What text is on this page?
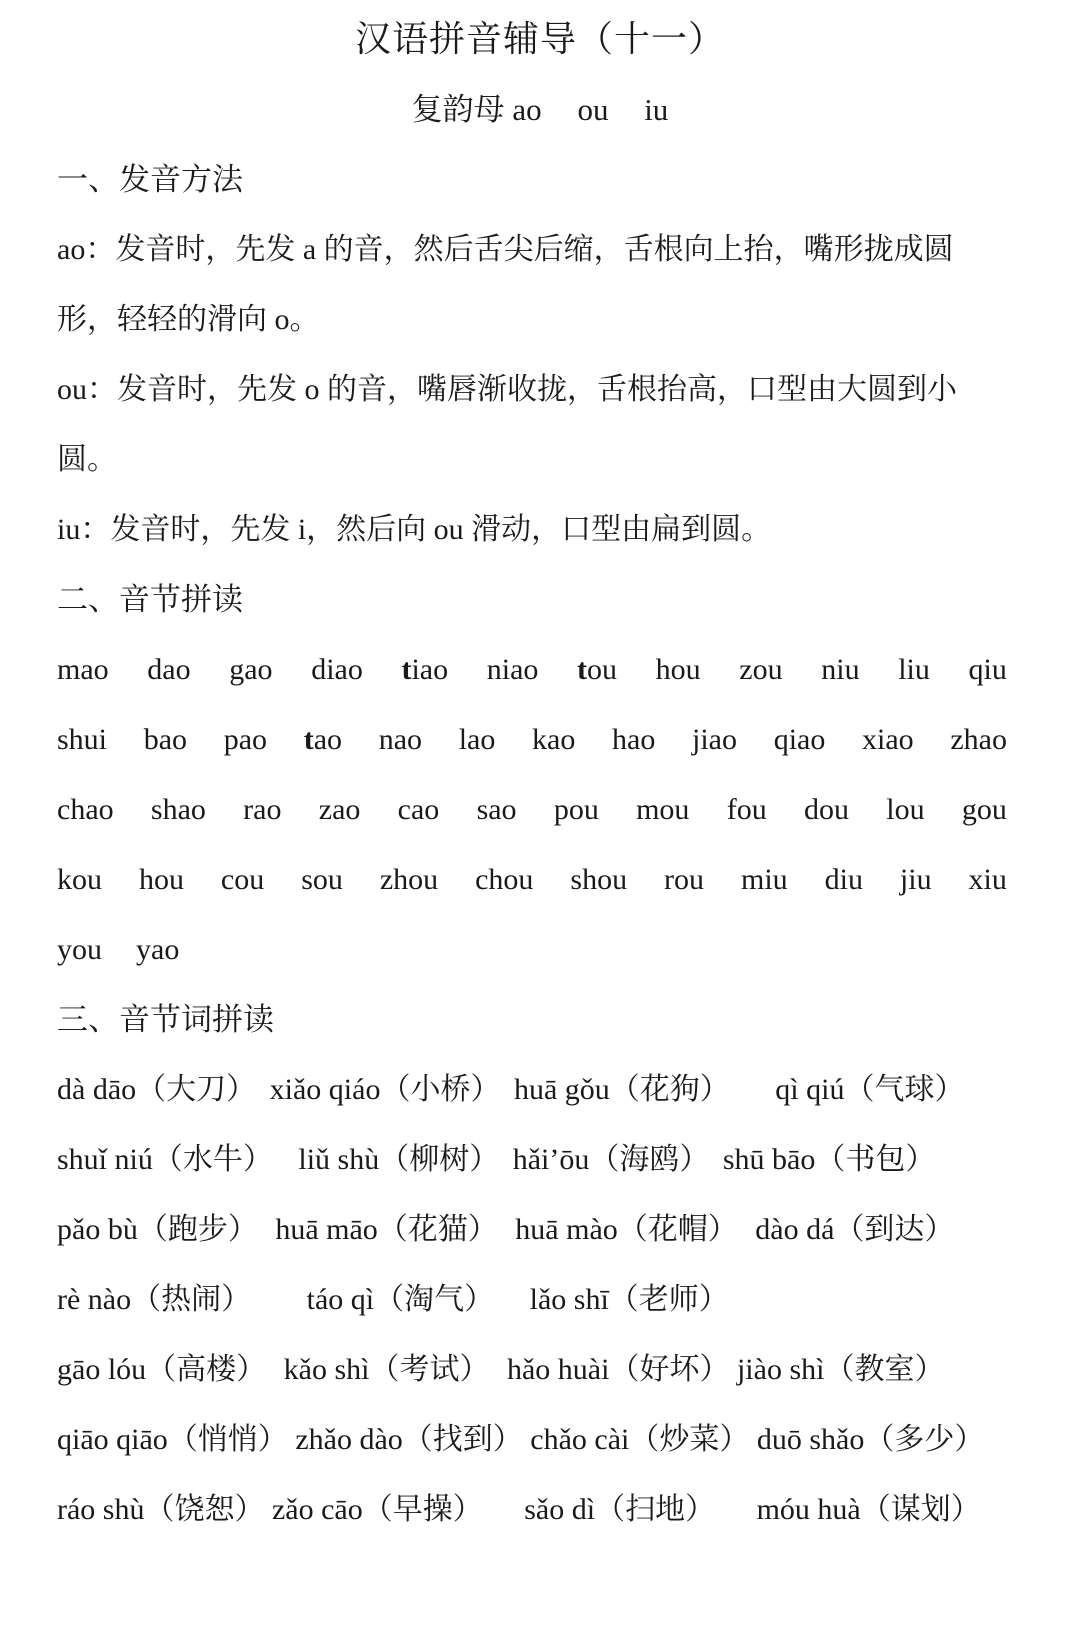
汉语拼音辅导（十一）
复韵母 ao ou iu
一、发音方法
ao：发音时，先发 a 的音，然后舌尖后缩，舌根向上抬，嘴形拢成圆
形，轻轻的滑向 o。
ou：发音时，先发 o 的音，嘴唇渐收拢，舌根抬高，口型由大圆到小
圆。
iu：发音时，先发 i，然后向 ou 滑动，口型由扁到圆。
二、音节拼读
mao dao gao diao tiao niao tou hou zou niu liu qiu
shui bao pao tao nao lao kao hao jiao qiao xiao zhao
chao shao rao zao cao sao pou mou fou dou lou gou
kou hou cou sou zhou chou shou rou miu diu jiu xiu
you yao
三、音节词拼读
dà dāo（大刀） xiǎo qiáo（小桥） huā gǒu（花狗） qì qiú（气球）
shuǐ niú（水牛） liǔ shù（柳树） hǎi’ōu（海鸥） shū bāo（书包）
pǎo bù（跑步） huā māo（花猫） huā mào（花帽） dào dá（到达）
rè nào（热闹） táo qì（淘气） lǎo shī（老师）
gāo lóu（高楼） kǎo shì（考试） hǎo huài（好坏） jiào shì（教室）
qiāo qiāo（悄悄） zhǎo dào（找到） chǎo cài（炒菜） duō shǎo（多少）
ráo shù（饶恕） zǎo cāo（早操） sǎo dì（扫地） móu huà（谋划）
